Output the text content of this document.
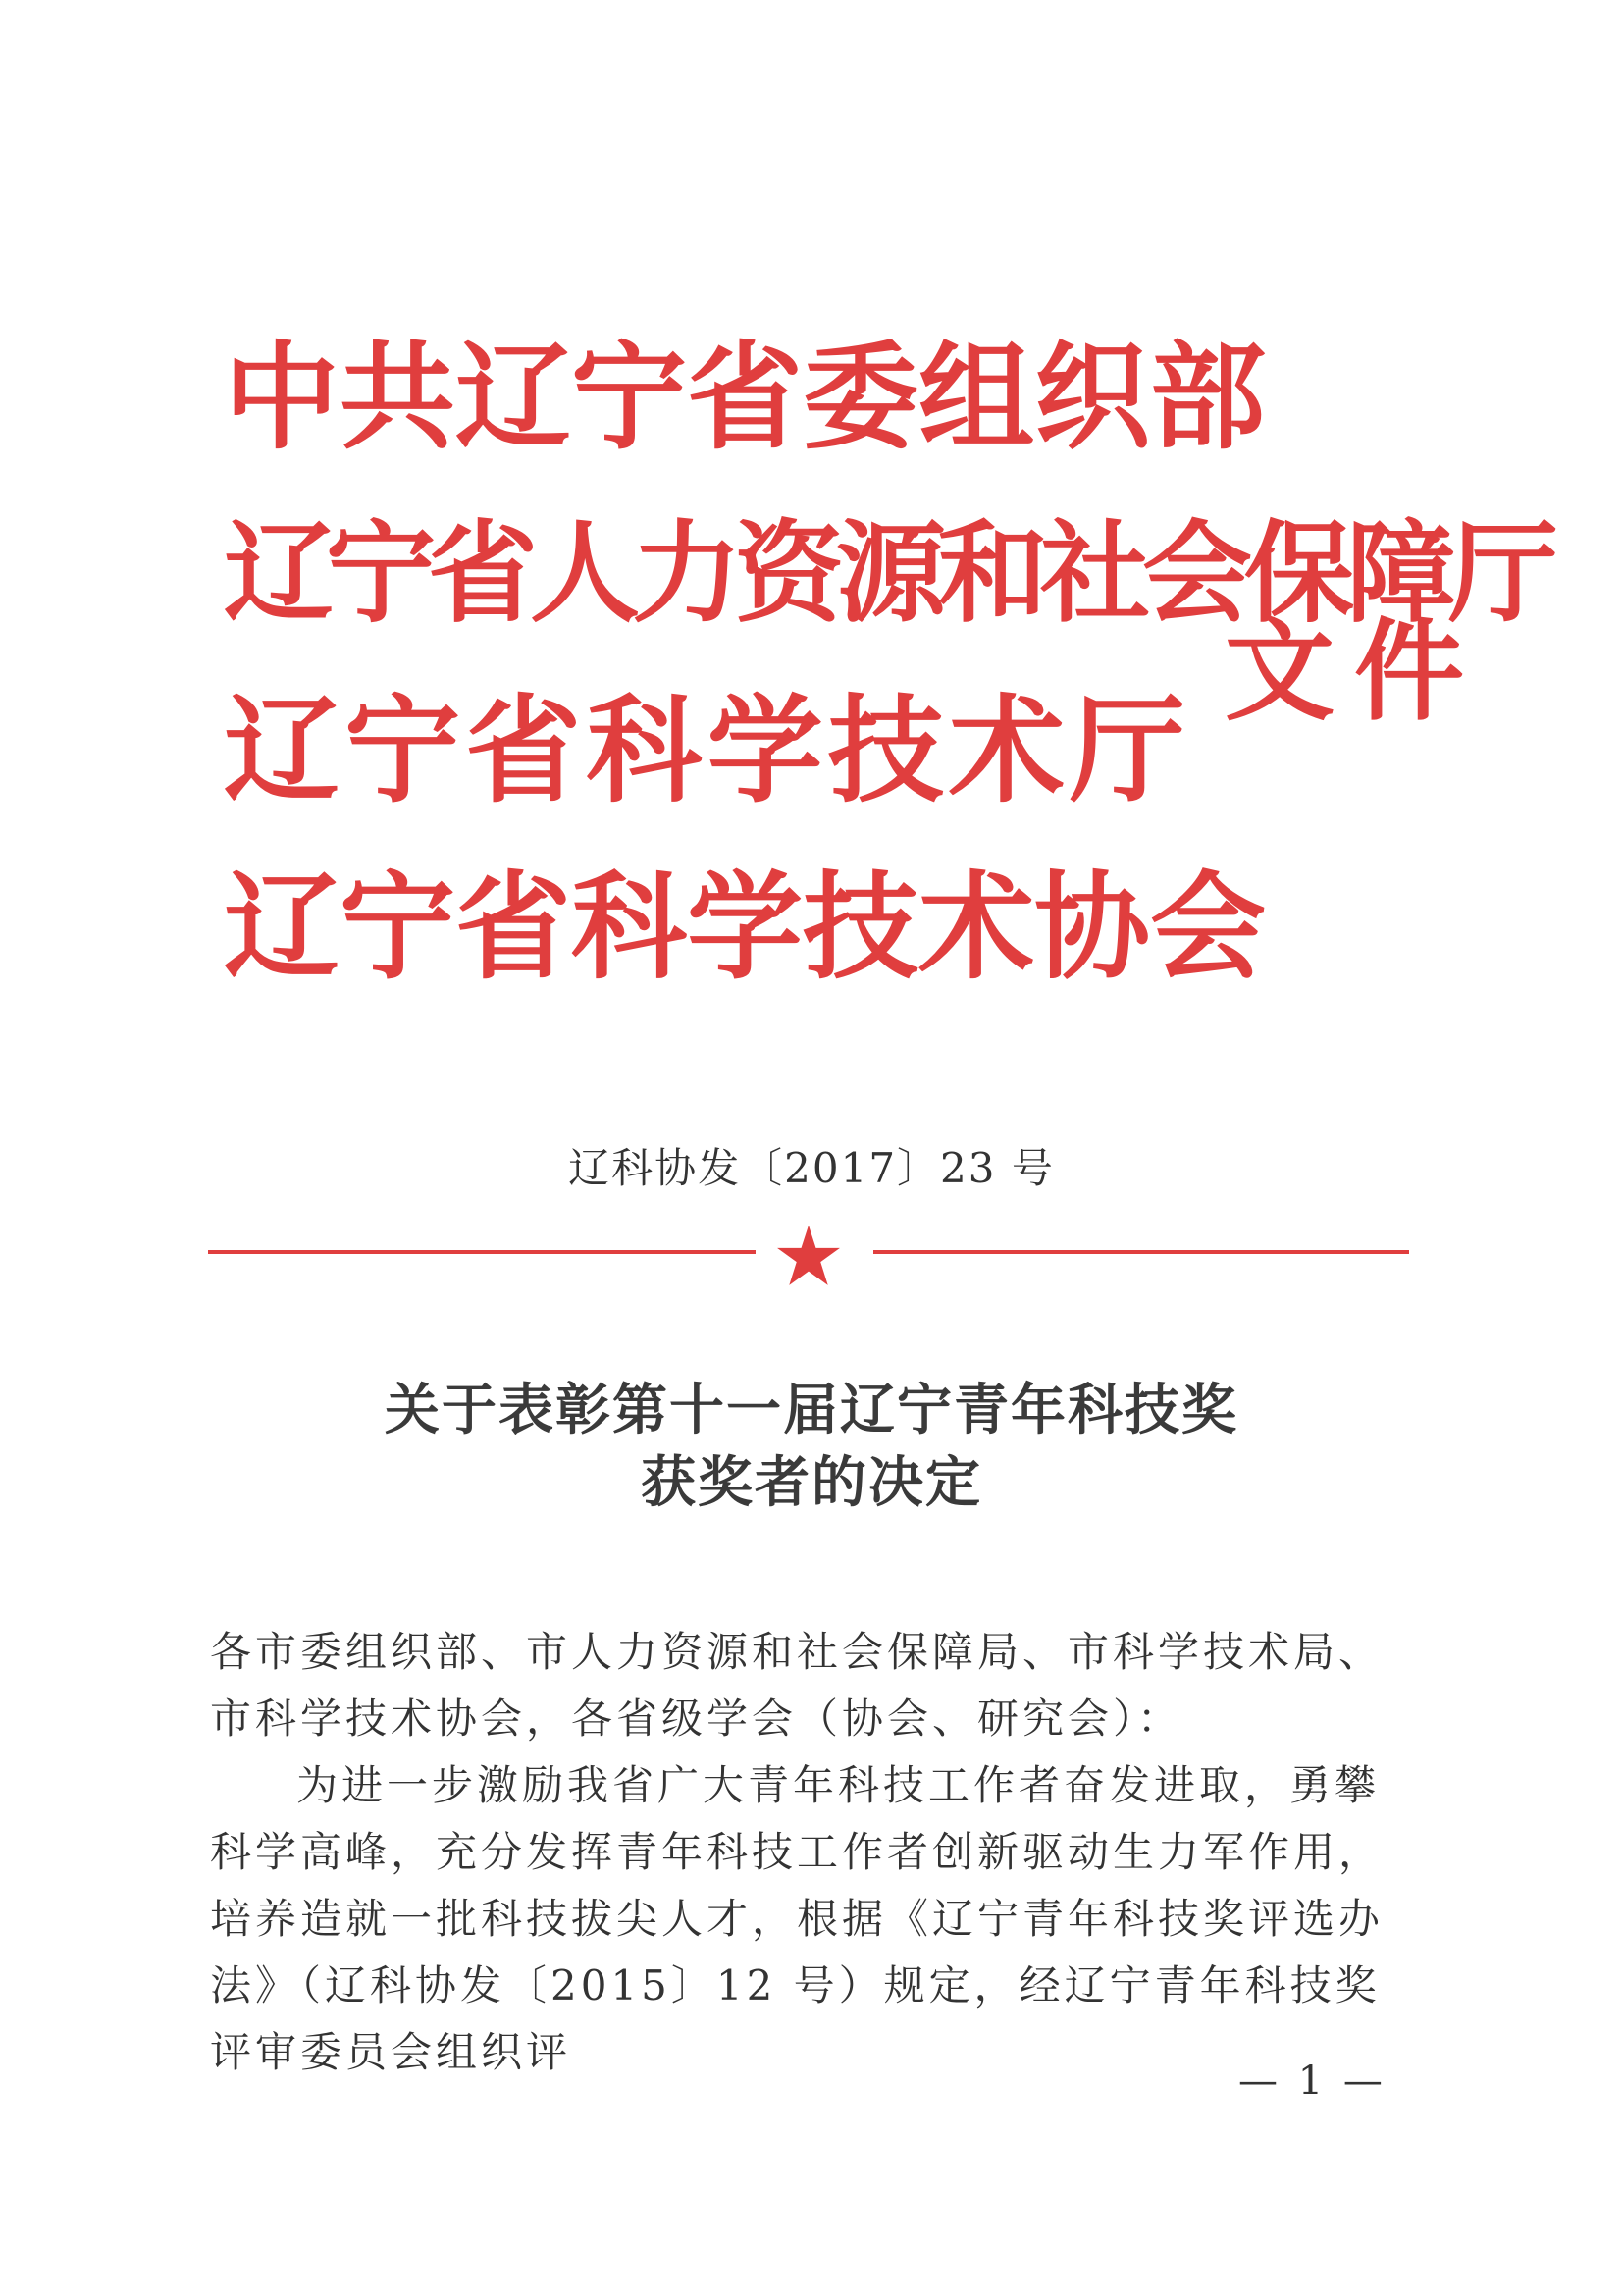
中 共 辽 宁 省 委 组 织 部
辽 宁 省 人 力 资 源 和 社 会 保 障 厅
辽 宁 省 科 学 技 术 厅
辽 宁 省 科 学 技 术 协 会
文件
辽科协发〔2017〕23 号
关于表彰第十一届辽宁青年科技奖
获奖者的决定
各市委组织部、市人力资源和社会保障局、市科学技术局、市科学技术协会，各省级学会（协会、研究会）：
为进一步激励我省广大青年科技工作者奋发进取，勇攀科学高峰，充分发挥青年科技工作者创新驱动生力军作用，培养造就一批科技拔尖人才，根据《辽宁青年科技奖评选办法》（辽科协发〔2015〕12 号）规定，经辽宁青年科技奖评审委员会组织评
— 1 —
